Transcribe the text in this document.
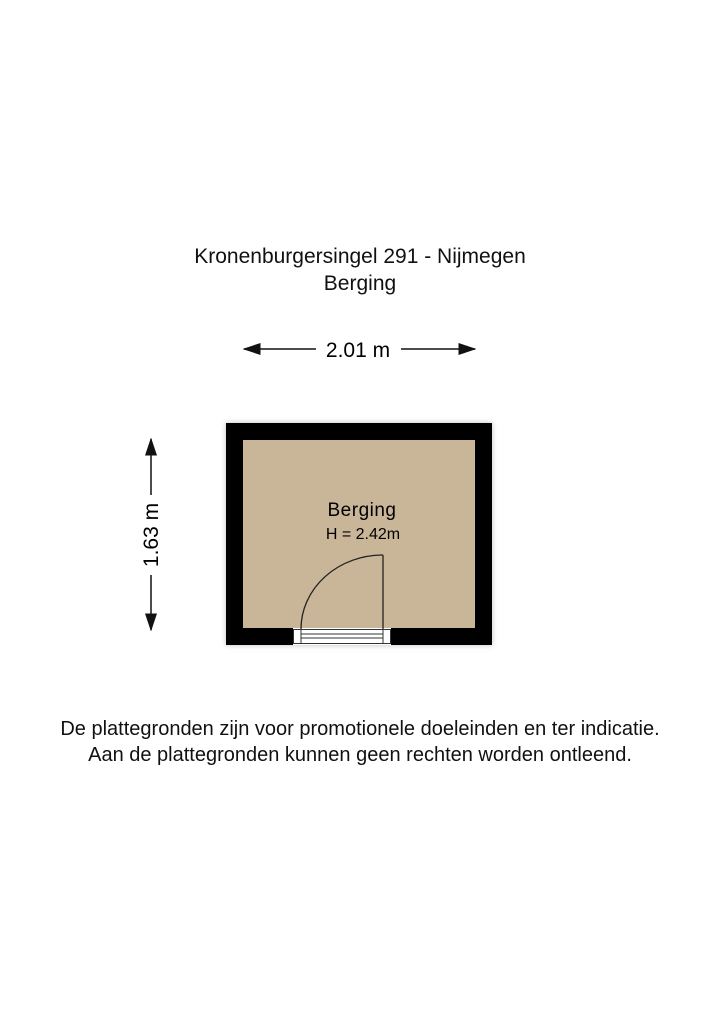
Kronenburgersingel 291 - Nijmegen
Berging
2.01 m
1.63 m	Berging
H = 2.42m
De plattegronden zijn voor promotionele doeleinden en ter indicatie.
Aan de plattegronden kunnen geen rechten worden ontleend.
